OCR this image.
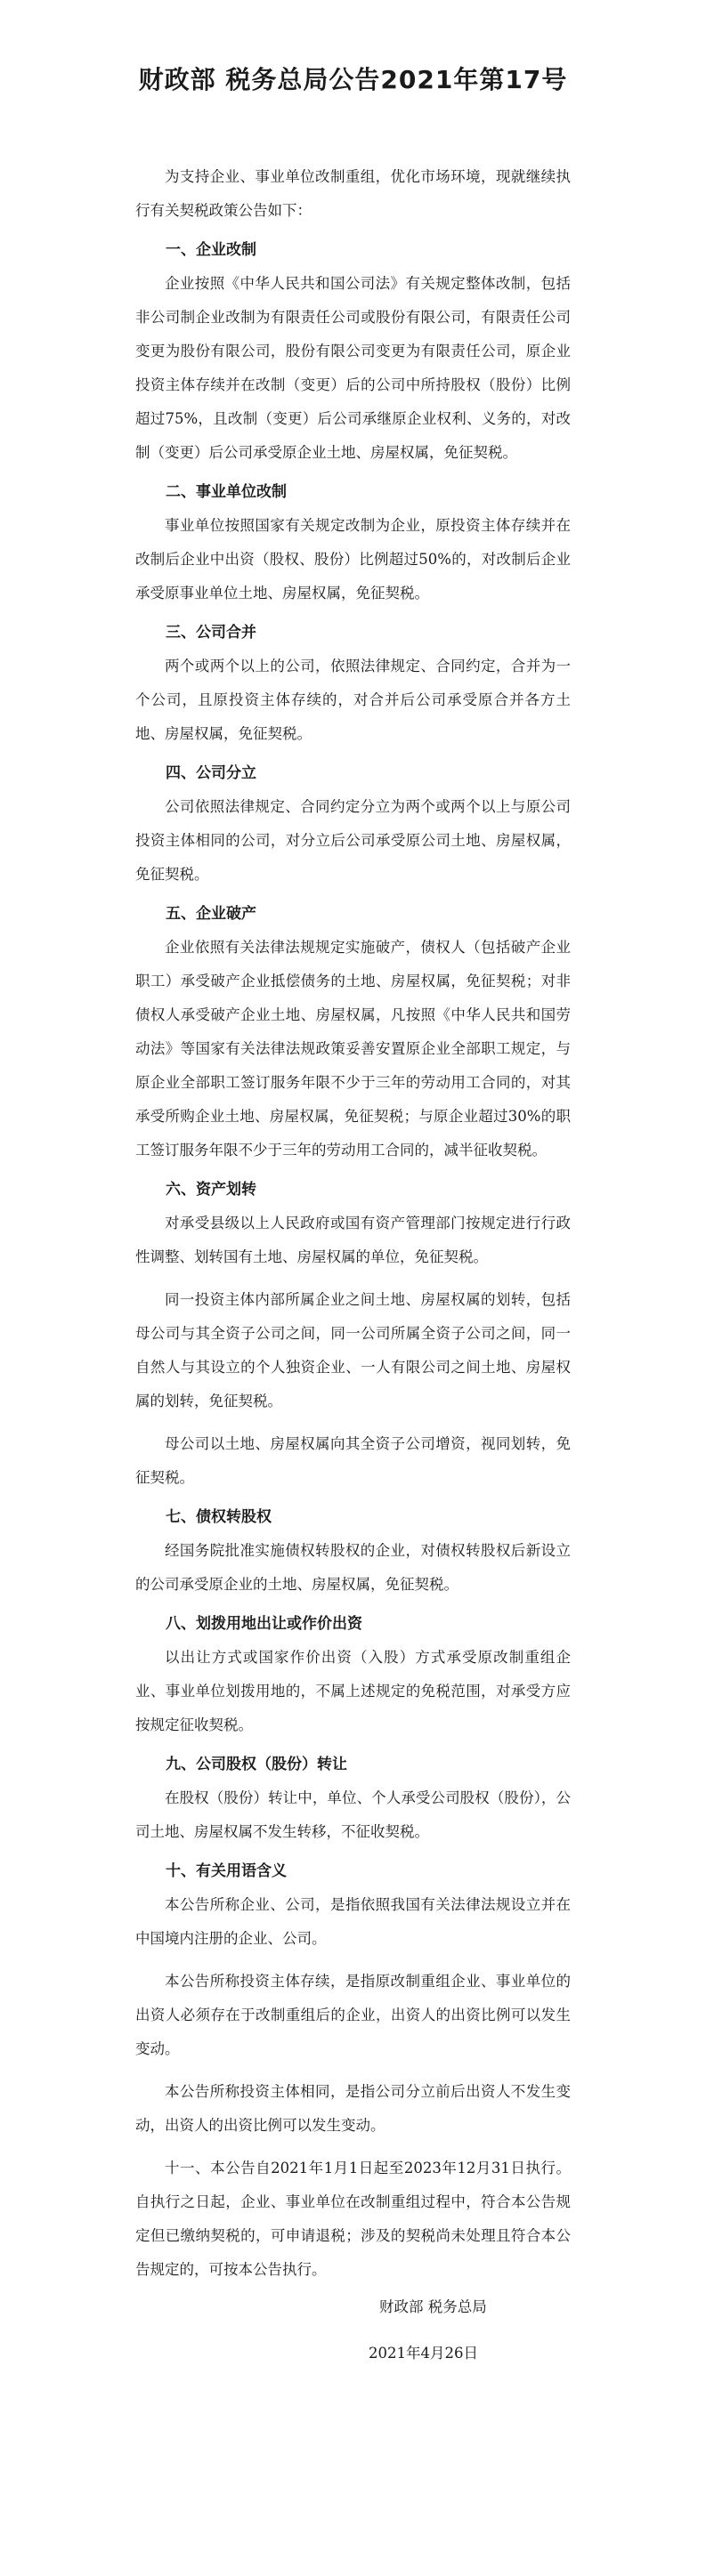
财政部 税务总局公告2021年第17号

为支持企业、事业单位改制重组，优化市场环境，现就继续执行有关契税政策公告如下：

一、企业改制

企业按照《中华人民共和国公司法》有关规定整体改制，包括非公司制企业改制为有限责任公司或股份有限公司，有限责任公司变更为股份有限公司，股份有限公司变更为有限责任公司，原企业投资主体存续并在改制（变更）后的公司中所持股权（股份）比例超过75%，且改制（变更）后公司承继原企业权利、义务的，对改制（变更）后公司承受原企业土地、房屋权属，免征契税。

二、事业单位改制

事业单位按照国家有关规定改制为企业，原投资主体存续并在改制后企业中出资（股权、股份）比例超过50%的，对改制后企业承受原事业单位土地、房屋权属，免征契税。

三、公司合并

两个或两个以上的公司，依照法律规定、合同约定，合并为一个公司，且原投资主体存续的，对合并后公司承受原合并各方土地、房屋权属，免征契税。

四、公司分立

公司依照法律规定、合同约定分立为两个或两个以上与原公司投资主体相同的公司，对分立后公司承受原公司土地、房屋权属，免征契税。

五、企业破产

企业依照有关法律法规规定实施破产，债权人（包括破产企业职工）承受破产企业抵偿债务的土地、房屋权属，免征契税；对非债权人承受破产企业土地、房屋权属，凡按照《中华人民共和国劳动法》等国家有关法律法规政策妥善安置原企业全部职工规定，与原企业全部职工签订服务年限不少于三年的劳动用工合同的，对其承受所购企业土地、房屋权属，免征契税；与原企业超过30%的职工签订服务年限不少于三年的劳动用工合同的，减半征收契税。

六、资产划转

对承受县级以上人民政府或国有资产管理部门按规定进行行政性调整、划转国有土地、房屋权属的单位，免征契税。

同一投资主体内部所属企业之间土地、房屋权属的划转，包括母公司与其全资子公司之间，同一公司所属全资子公司之间，同一自然人与其设立的个人独资企业、一人有限公司之间土地、房屋权属的划转，免征契税。

母公司以土地、房屋权属向其全资子公司增资，视同划转，免征契税。

七、债权转股权

经国务院批准实施债权转股权的企业，对债权转股权后新设立的公司承受原企业的土地、房屋权属，免征契税。

八、划拨用地出让或作价出资

以出让方式或国家作价出资（入股）方式承受原改制重组企业、事业单位划拨用地的，不属上述规定的免税范围，对承受方应按规定征收契税。

九、公司股权（股份）转让

在股权（股份）转让中，单位、个人承受公司股权（股份），公司土地、房屋权属不发生转移，不征收契税。

十、有关用语含义

本公告所称企业、公司，是指依照我国有关法律法规设立并在中国境内注册的企业、公司。

本公告所称投资主体存续，是指原改制重组企业、事业单位的出资人必须存在于改制重组后的企业，出资人的出资比例可以发生变动。

本公告所称投资主体相同，是指公司分立前后出资人不发生变动，出资人的出资比例可以发生变动。

十一、本公告自2021年1月1日起至2023年12月31日执行。自执行之日起，企业、事业单位在改制重组过程中，符合本公告规定但已缴纳契税的，可申请退税；涉及的契税尚未处理且符合本公告规定的，可按本公告执行。

财政部 税务总局

2021年4月26日
